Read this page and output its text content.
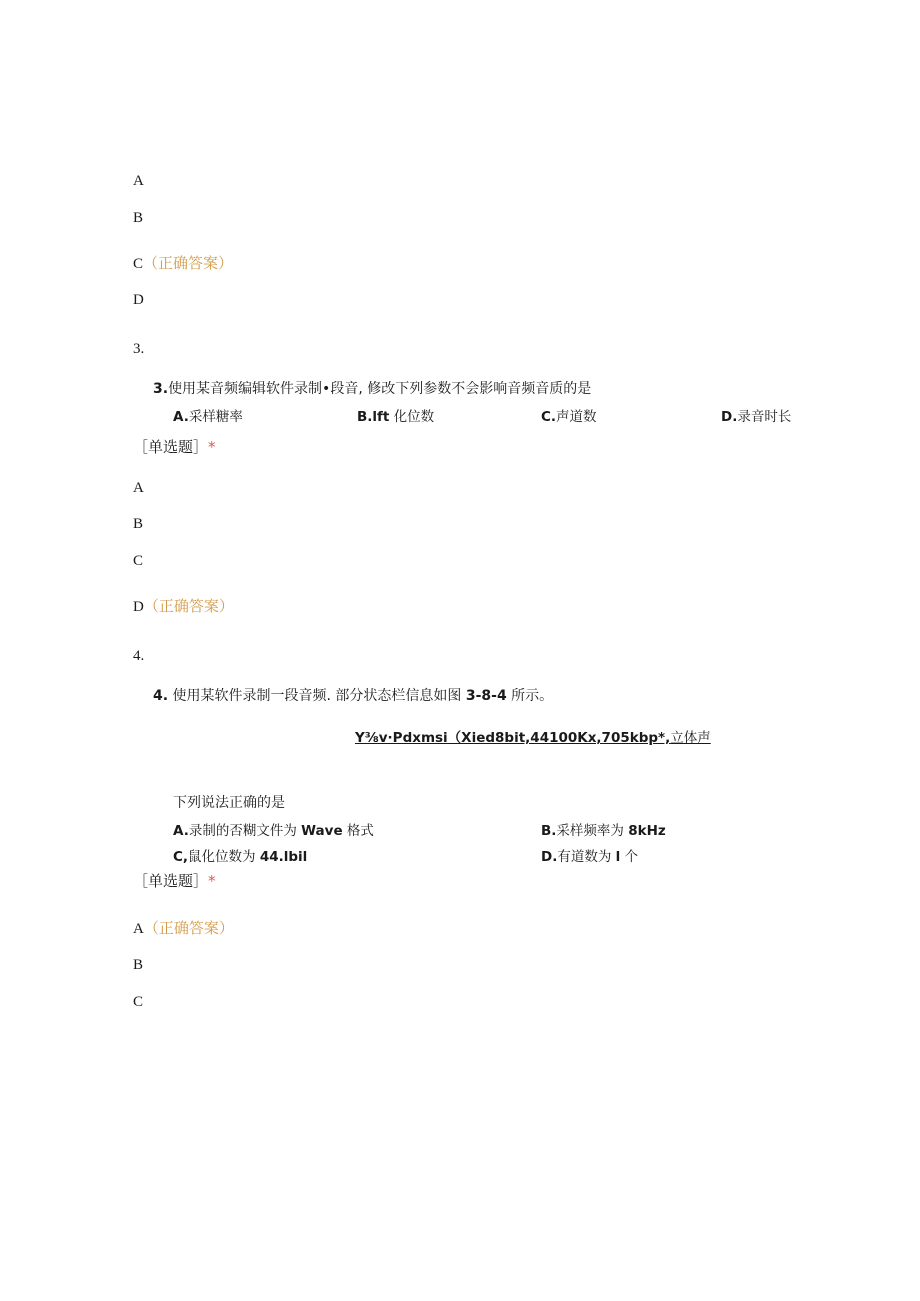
A
B
C（正确答案）
D
3.
3.使用某音频编辑软件录制•段音, 修改下列参数不会影响音频音质的是
A.采样糖率	B.lft 化位数	C.声道数	D.录音时长
［单选题］*
A
B
C
D（正确答案）
4.
4. 使用某软件录制一段音频. 部分状态栏信息如图 3-8-4 所示。
Y⅜v·Pdxmsi（Xied8bit,44100Kx,705kbp*,立体声
下列说法正确的是
A.录制的否糊文件为 Wave 格式	B.采样频率为 8kHz
C,鼠化位数为 44.lbil	D.有道数为 l 个
［单选题］*
A（正确答案）
B
C
